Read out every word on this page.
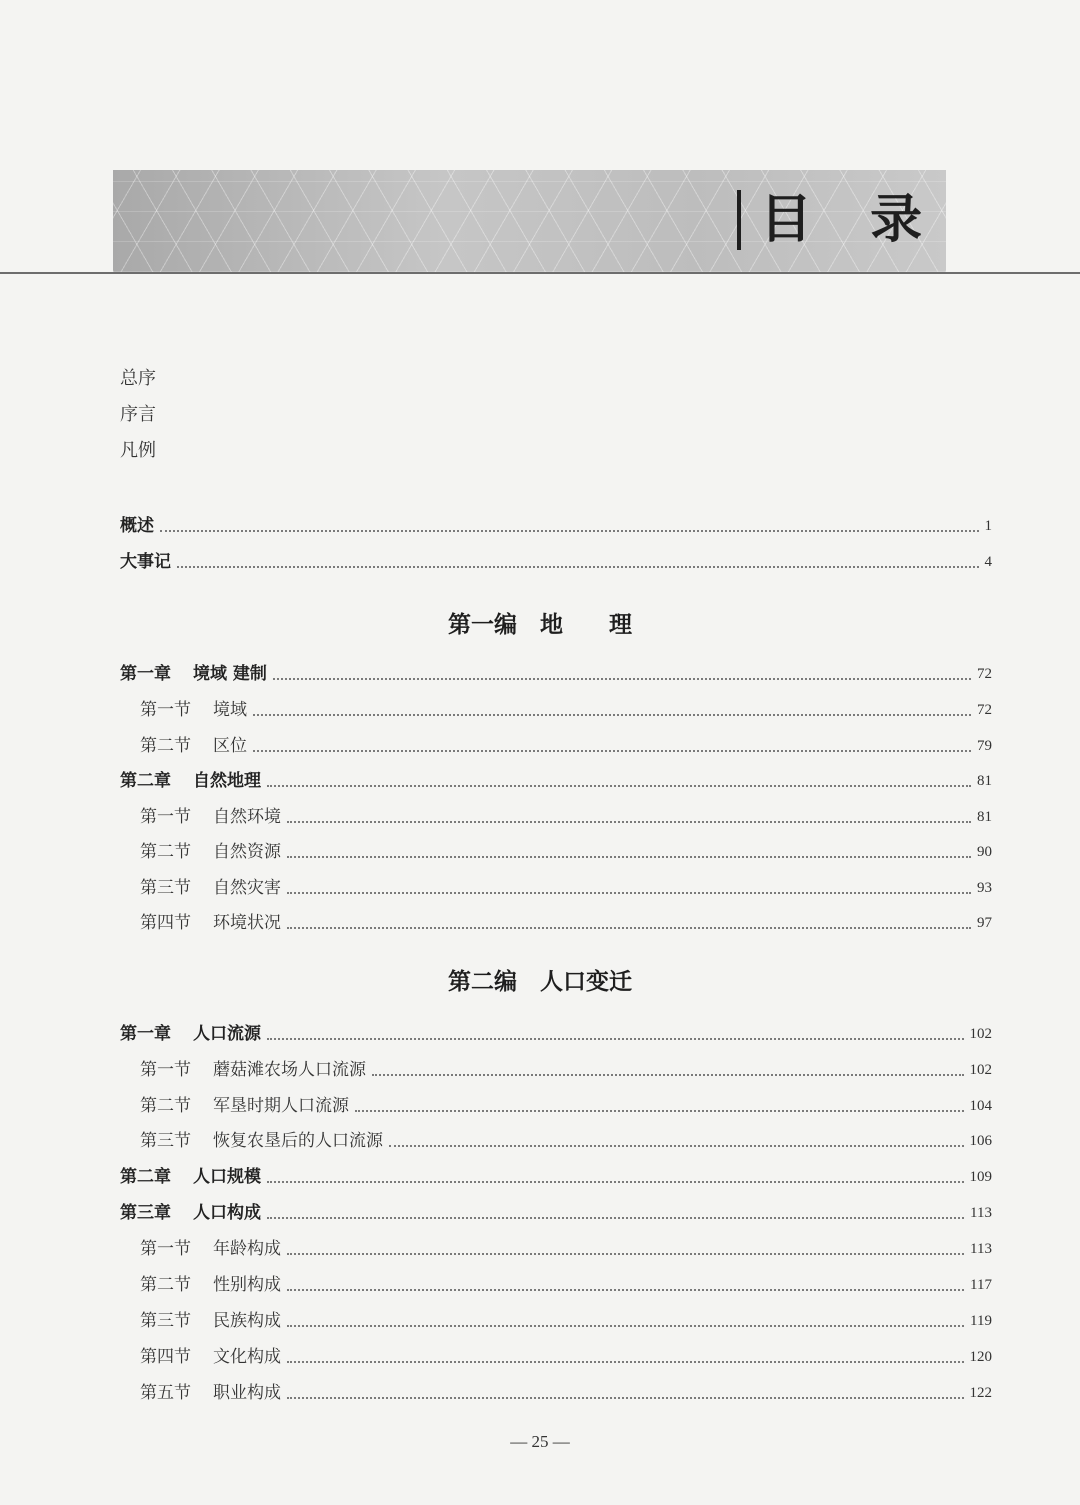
目 录
总序
序言
凡例
概述	1
大事记	4
第一编　地　　理
第一章 境域 建制	72
第一节 境域	72
第二节 区位	79
第二章 自然地理	81
第一节 自然环境	81
第二节 自然资源	90
第三节 自然灾害	93
第四节 环境状况	97
第二编　人口变迁
第一章 人口流源	102
第一节 蘑菇滩农场人口流源	102
第二节 军垦时期人口流源	104
第三节 恢复农垦后的人口流源	106
第二章 人口规模	109
第三章 人口构成	113
第一节 年龄构成	113
第二节 性别构成	117
第三节 民族构成	119
第四节 文化构成	120
第五节 职业构成	122
— 25 —
